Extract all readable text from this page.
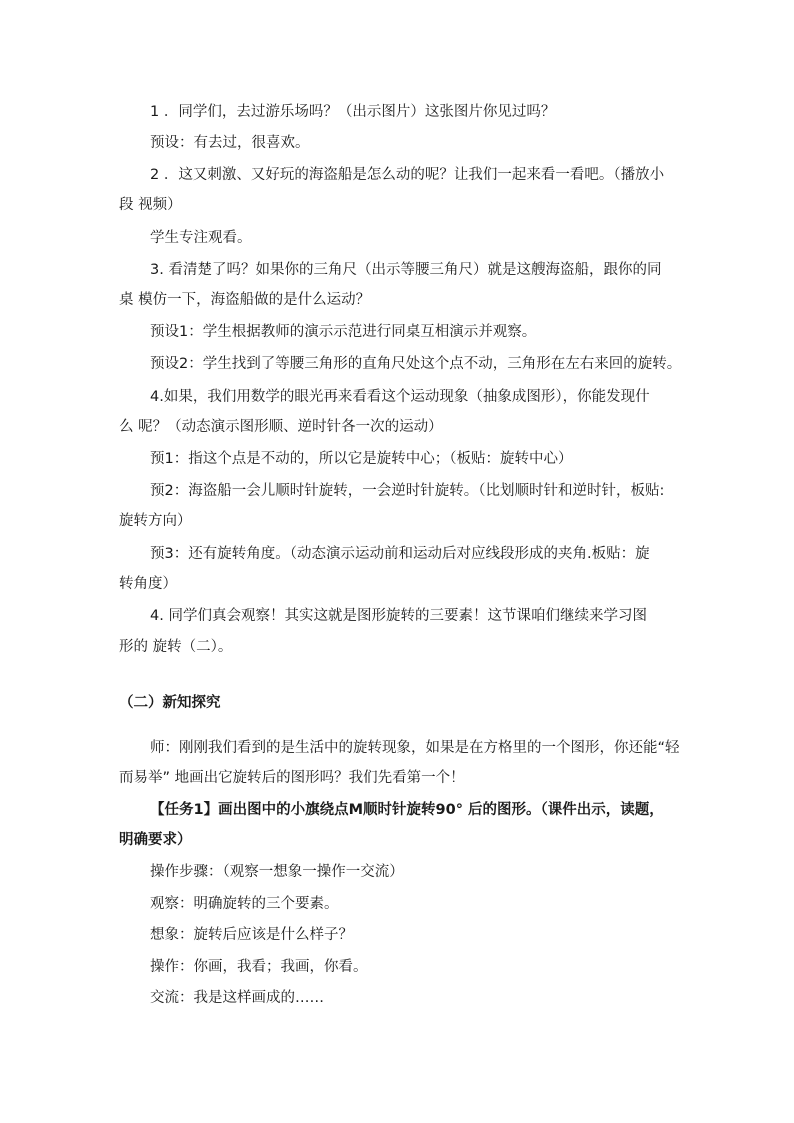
1 ．同学们，去过游乐场吗？（出示图片）这张图片你见过吗？
预设：有去过，很喜欢。
2 ．这又刺激、又好玩的海盗船是怎么动的呢？让我们一起来看一看吧。（播放小
段 视频）
学生专注观看。
3. 看清楚了吗？如果你的三角尺（出示等腰三角尺）就是这艘海盗船，跟你的同
桌 模仿一下，海盗船做的是什么运动？
预设1：学生根据教师的演示示范进行同桌互相演示并观察。
预设2：学生找到了等腰三角形的直角尺处这个点不动，三角形在左右来回的旋转。
4.如果，我们用数学的眼光再来看看这个运动现象（抽象成图形），你能发现什
么 呢？（动态演示图形顺、逆时针各一次的运动）
预1：指这个点是不动的，所以它是旋转中心；（板贴：旋转中心）
预2：海盗船一会儿顺时针旋转，一会逆时针旋转。（比划顺时针和逆时针，板贴:
旋转方向）
预3：还有旋转角度。（动态演示运动前和运动后对应线段形成的夹角.板贴：旋
转角度）
4. 同学们真会观察！其实这就是图形旋转的三要素！这节课咱们继续来学习图
形的 旋转（二）。
（二）新知探究
师：刚刚我们看到的是生活中的旋转现象，如果是在方格里的一个图形，你还能“轻
而易举” 地画出它旋转后的图形吗？我们先看第一个！
【任务1】画出图中的小旗绕点M顺时针旋转90° 后的图形。（课件出示，读题，
明确要求）
操作步骤：（观察一想象一操作一交流）
观察：明确旋转的三个要素。
想象：旋转后应该是什么样子？
操作：你画，我看；我画，你看。
交流：我是这样画成的……
